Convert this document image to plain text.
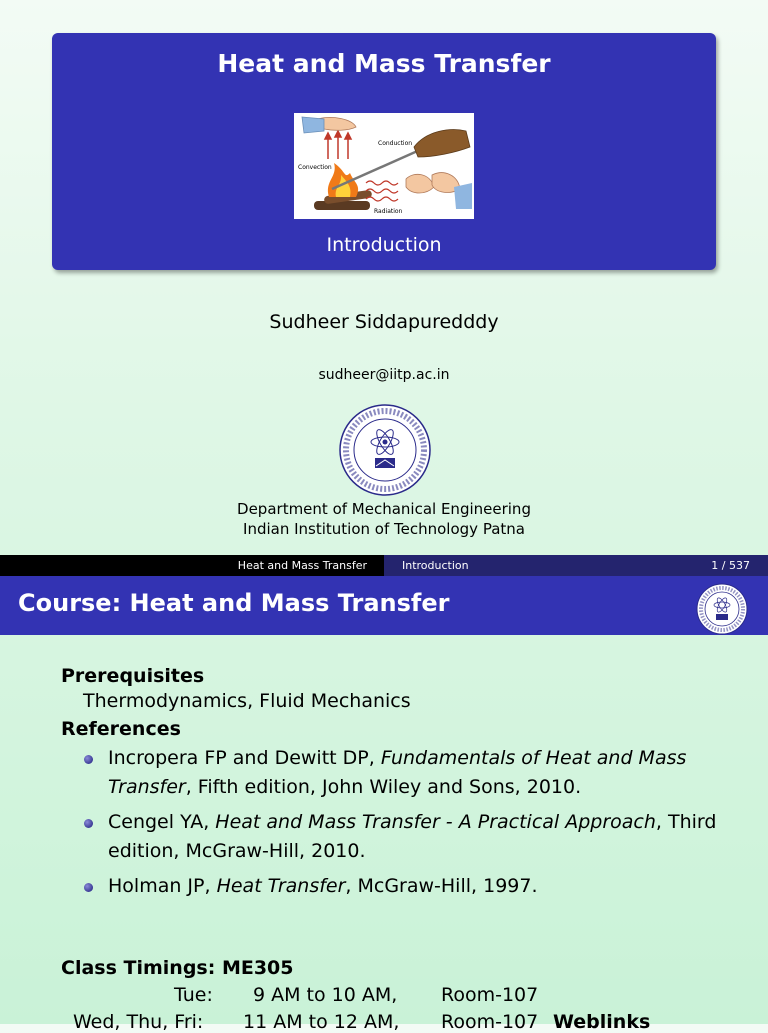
Heat and Mass Transfer
Conduction
Convection
Radiation
Introduction
Sudheer Siddapuredddy
sudheer@iitp.ac.in
Department of Mechanical Engineering
Indian Institution of Technology Patna
Heat and Mass Transfer	Introduction	1 / 537
Course: Heat and Mass Transfer

Prerequisites

Thermodynamics, Fluid Mechanics

References

Incropera FP and Dewitt DP, Fundamentals of Heat and Mass Transfer, Fifth edition, John Wiley and Sons, 2010.
Cengel YA, Heat and Mass Transfer - A Practical Approach, Third edition, McGraw-Hill, 2010.
Holman JP, Heat Transfer, McGraw-Hill, 1997.
Class Timings: ME305
Tue: 9 AM to 10 AM, Room-107
Wed, Thu, Fri: 11 AM to 12 AM, Room-107 Weblinks
